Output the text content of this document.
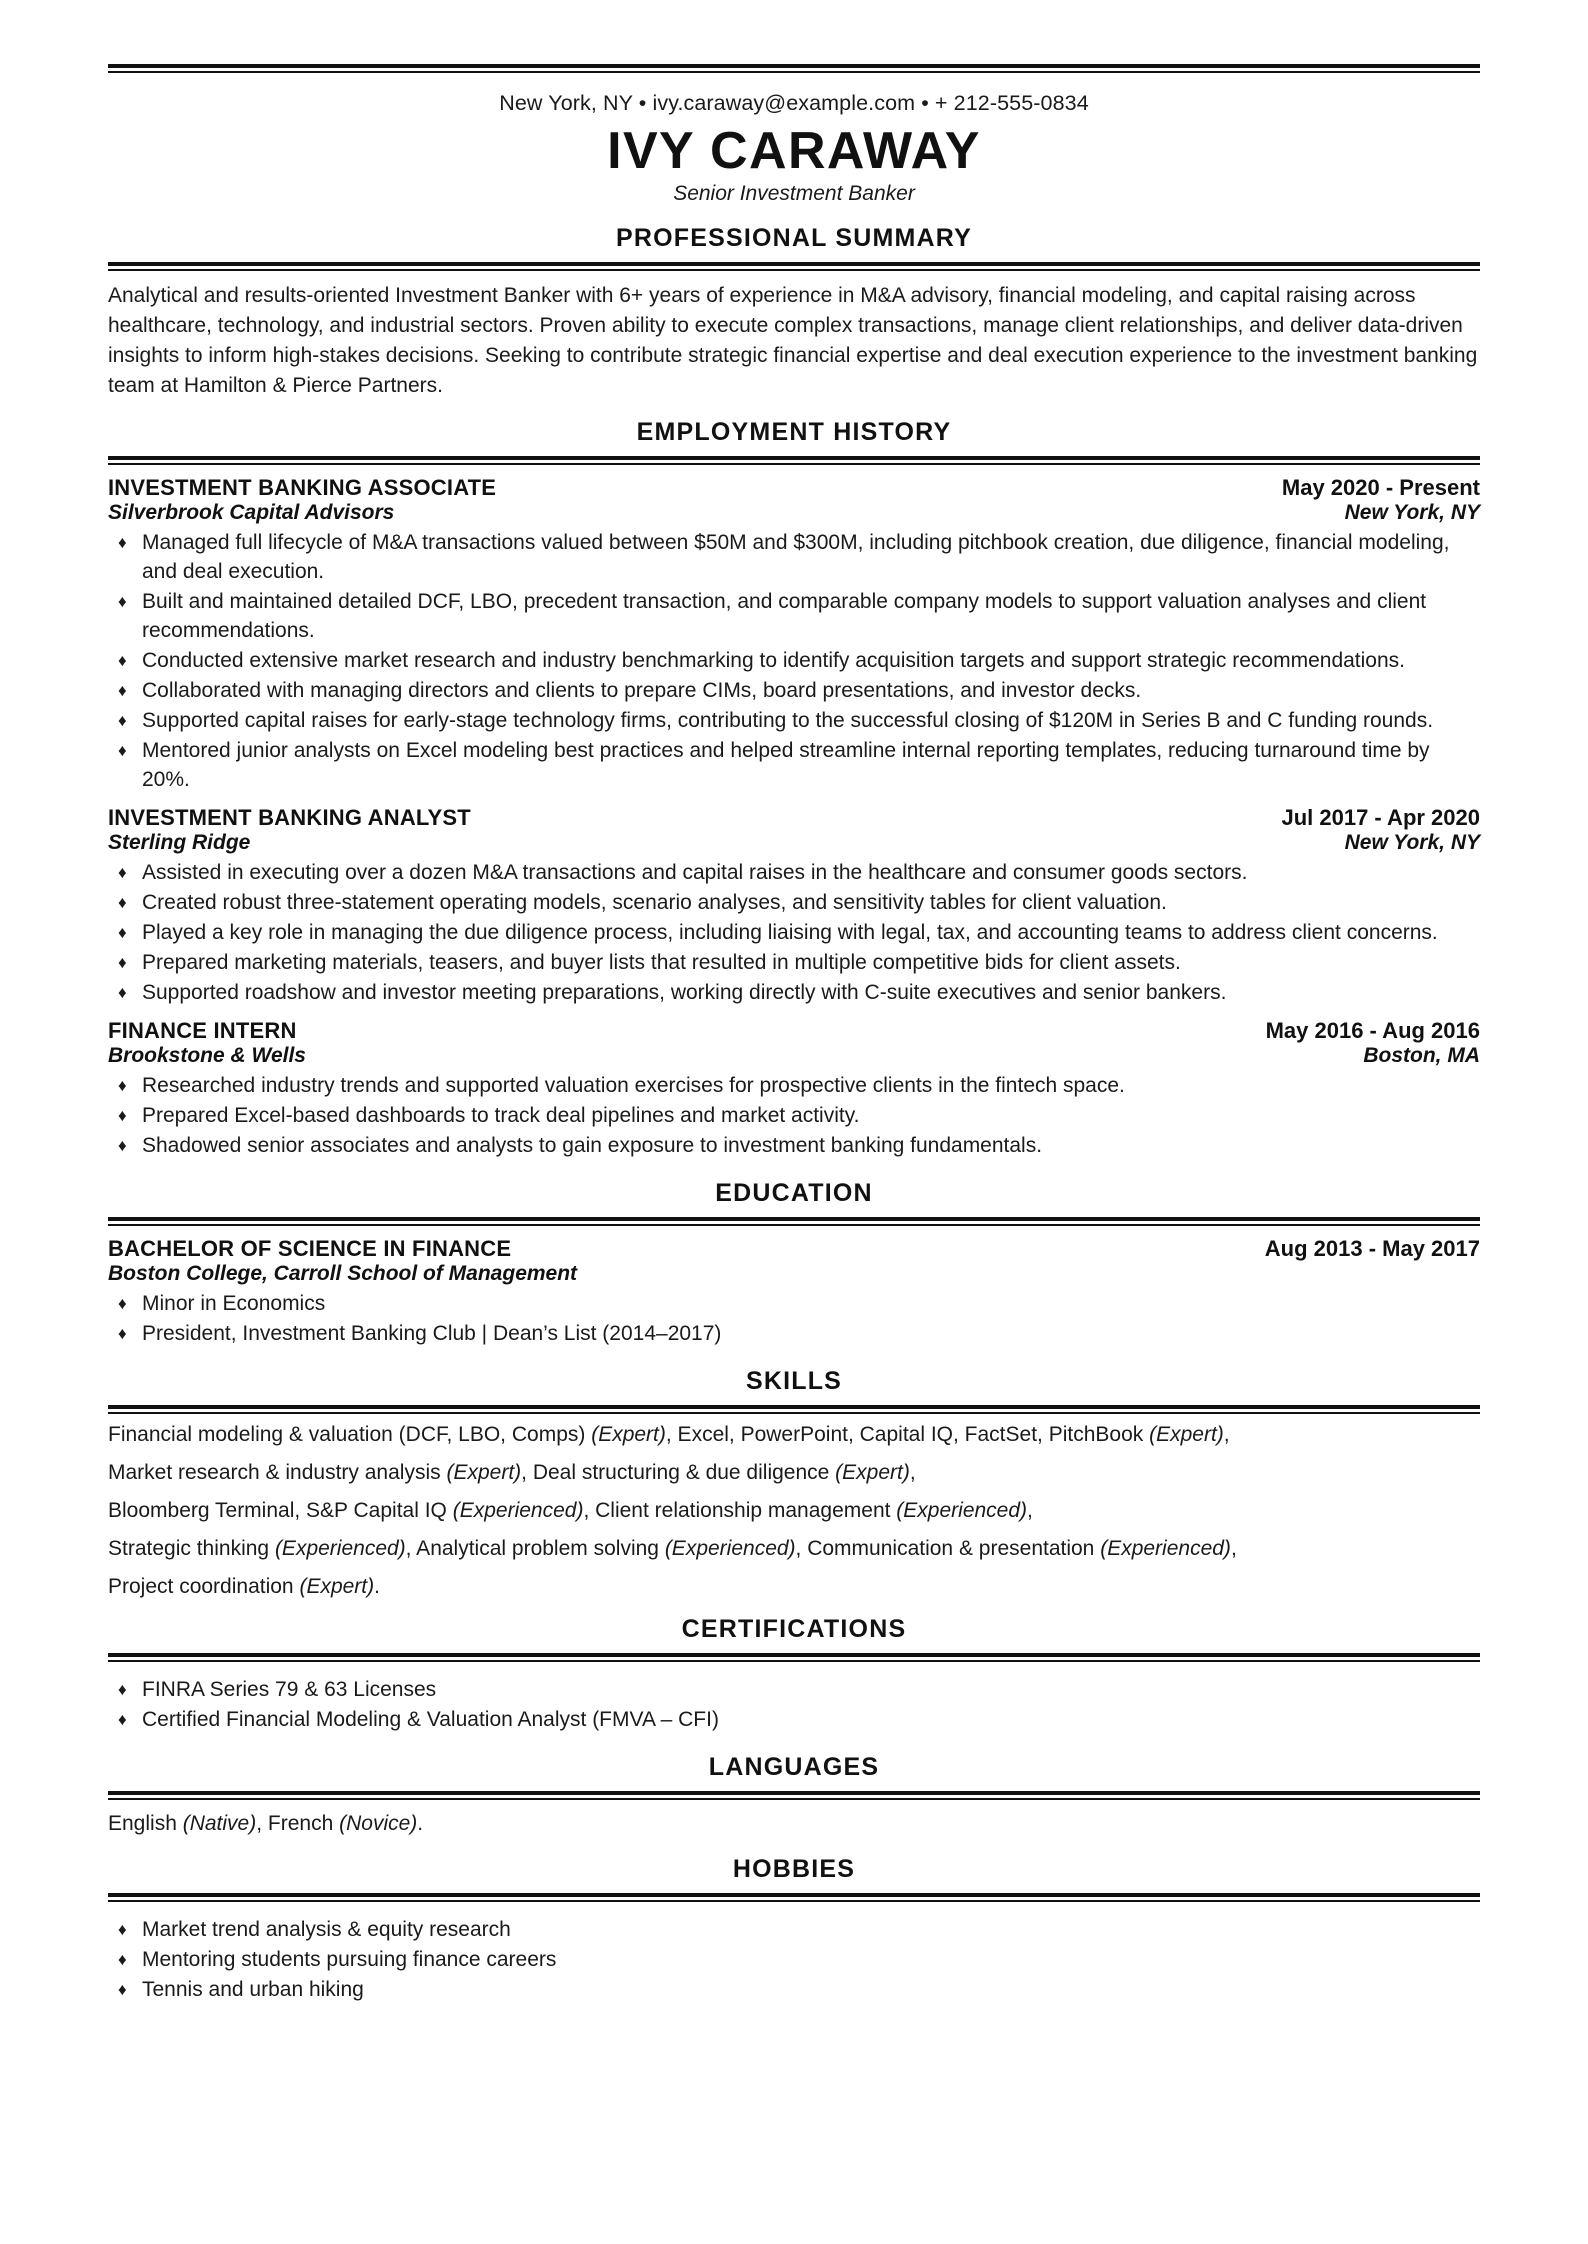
New York, NY • ivy.caraway@example.com • + 212-555-0834
IVY CARAWAY
Senior Investment Banker
PROFESSIONAL SUMMARY
Analytical and results-oriented Investment Banker with 6+ years of experience in M&A advisory, financial modeling, and capital raising across healthcare, technology, and industrial sectors. Proven ability to execute complex transactions, manage client relationships, and deliver data-driven insights to inform high-stakes decisions. Seeking to contribute strategic financial expertise and deal execution experience to the investment banking team at Hamilton & Pierce Partners.
EMPLOYMENT HISTORY
INVESTMENT BANKING ASSOCIATE	May 2020 - Present
Silverbrook Capital Advisors	New York, NY
♦ Managed full lifecycle of M&A transactions valued between $50M and $300M, including pitchbook creation, due diligence, financial modeling, and deal execution.
♦ Built and maintained detailed DCF, LBO, precedent transaction, and comparable company models to support valuation analyses and client recommendations.
♦ Conducted extensive market research and industry benchmarking to identify acquisition targets and support strategic recommendations.
♦ Collaborated with managing directors and clients to prepare CIMs, board presentations, and investor decks.
♦ Supported capital raises for early-stage technology firms, contributing to the successful closing of $120M in Series B and C funding rounds.
♦ Mentored junior analysts on Excel modeling best practices and helped streamline internal reporting templates, reducing turnaround time by 20%.
INVESTMENT BANKING ANALYST	Jul 2017 - Apr 2020
Sterling Ridge	New York, NY
♦ Assisted in executing over a dozen M&A transactions and capital raises in the healthcare and consumer goods sectors.
♦ Created robust three-statement operating models, scenario analyses, and sensitivity tables for client valuation.
♦ Played a key role in managing the due diligence process, including liaising with legal, tax, and accounting teams to address client concerns.
♦ Prepared marketing materials, teasers, and buyer lists that resulted in multiple competitive bids for client assets.
♦ Supported roadshow and investor meeting preparations, working directly with C-suite executives and senior bankers.
FINANCE INTERN	May 2016 - Aug 2016
Brookstone & Wells	Boston, MA
♦ Researched industry trends and supported valuation exercises for prospective clients in the fintech space.
♦ Prepared Excel-based dashboards to track deal pipelines and market activity.
♦ Shadowed senior associates and analysts to gain exposure to investment banking fundamentals.
EDUCATION
BACHELOR OF SCIENCE IN FINANCE	Aug 2013 - May 2017
Boston College, Carroll School of Management
♦ Minor in Economics
♦ President, Investment Banking Club | Dean’s List (2014–2017)
SKILLS
Financial modeling & valuation (DCF, LBO, Comps) (Expert), Excel, PowerPoint, Capital IQ, FactSet, PitchBook (Expert),
Market research & industry analysis (Expert), Deal structuring & due diligence (Expert),
Bloomberg Terminal, S&P Capital IQ (Experienced), Client relationship management (Experienced),
Strategic thinking (Experienced), Analytical problem solving (Experienced), Communication & presentation (Experienced),
Project coordination (Expert).
CERTIFICATIONS
♦ FINRA Series 79 & 63 Licenses
♦ Certified Financial Modeling & Valuation Analyst (FMVA – CFI)
LANGUAGES
English (Native), French (Novice).
HOBBIES
♦ Market trend analysis & equity research
♦ Mentoring students pursuing finance careers
♦ Tennis and urban hiking
